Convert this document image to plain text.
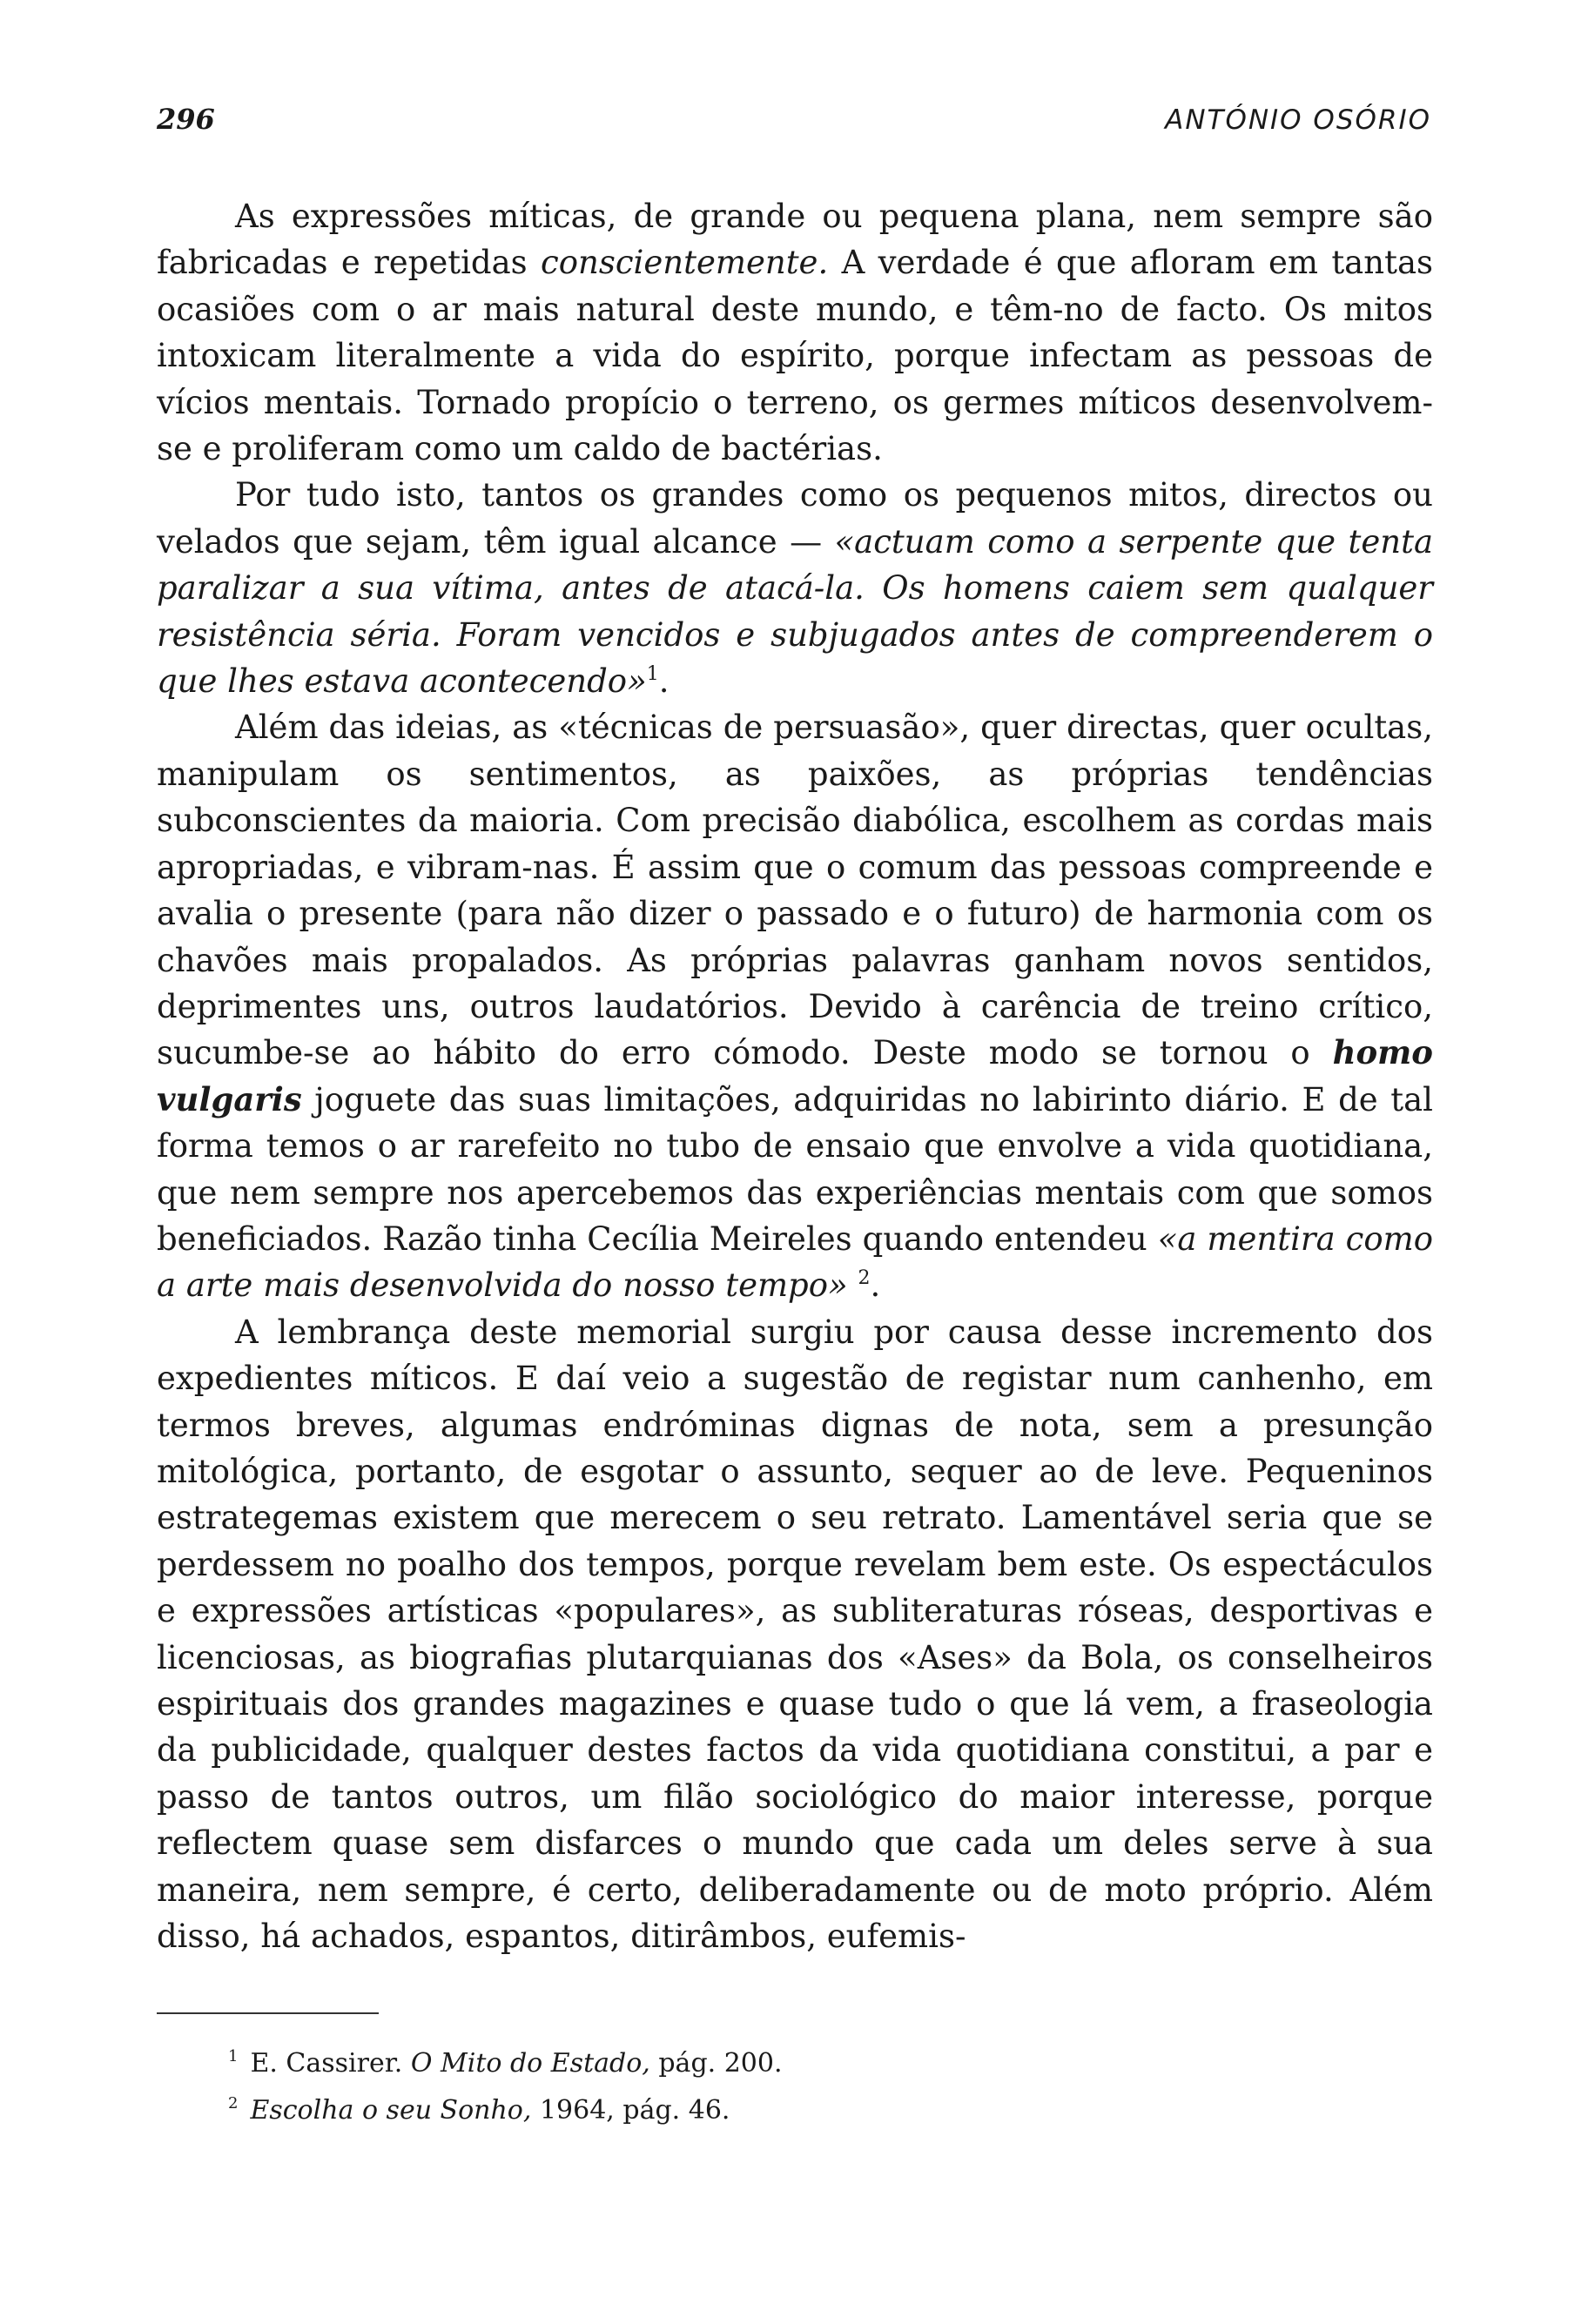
296	ANTÓNIO OSÓRIO

As expressões míticas, de grande ou pequena plana, nem sempre são fabricadas e repetidas conscientemente. A verdade é que afloram em tantas ocasiões com o ar mais natural deste mundo, e têm-no de facto. Os mitos intoxicam literalmente a vida do espírito, porque infectam as pessoas de vícios mentais. Tornado propício o terreno, os germes míticos desenvolvem-se e proliferam como um caldo de bactérias.

Por tudo isto, tantos os grandes como os pequenos mitos, directos ou velados que sejam, têm igual alcance — «actuam como a serpente que tenta paralizar a sua vítima, antes de atacá-la. Os homens caiem sem qualquer resistência séria. Foram vencidos e subjugados antes de compreenderem o que lhes estava acontecendo»$^1$.

Além das ideias, as «técnicas de persuasão», quer directas, quer ocultas, manipulam os sentimentos, as paixões, as próprias tendências subconscientes da maioria. Com precisão diabólica, escolhem as cordas mais apropriadas, e vibram-nas. É assim que o comum das pessoas compreende e avalia o presente (para não dizer o passado e o futuro) de harmonia com os chavões mais propalados. As próprias palavras ganham novos sentidos, deprimentes uns, outros laudatórios. Devido à carência de treino crítico, sucumbe-se ao hábito do erro cómodo. Deste modo se tornou o homo vulgaris joguete das suas limitações, adquiridas no labirinto diário. E de tal forma temos o ar rarefeito no tubo de ensaio que envolve a vida quotidiana, que nem sempre nos apercebemos das experiências mentais com que somos beneficiados. Razão tinha Cecília Meireles quando entendeu «a mentira como a arte mais desenvolvida do nosso tempo» $^2$.

A lembrança deste memorial surgiu por causa desse incremento dos expedientes míticos. E daí veio a sugestão de registar num canhenho, em termos breves, algumas endróminas dignas de nota, sem a presunção mitológica, portanto, de esgotar o assunto, sequer ao de leve. Pequeninos estrategemas existem que merecem o seu retrato. Lamentável seria que se perdessem no poalho dos tempos, porque revelam bem este. Os espectáculos e expressões artísticas «populares», as subliteraturas róseas, desportivas e licenciosas, as biografias plutarquianas dos «Ases» da Bola, os conselheiros espirituais dos grandes magazines e quase tudo o que lá vem, a fraseologia da publicidade, qualquer destes factos da vida quotidiana constitui, a par e passo de tantos outros, um filão sociológico do maior interesse, porque reflectem quase sem disfarces o mundo que cada um deles serve à sua maneira, nem sempre, é certo, deliberadamente ou de moto próprio. Além disso, há achados, espantos, ditirâmbos, eufemis-

$^1$ E. Cassirer. O Mito do Estado, pág. 200.

$^2$ Escolha o seu Sonho, 1964, pág. 46.
